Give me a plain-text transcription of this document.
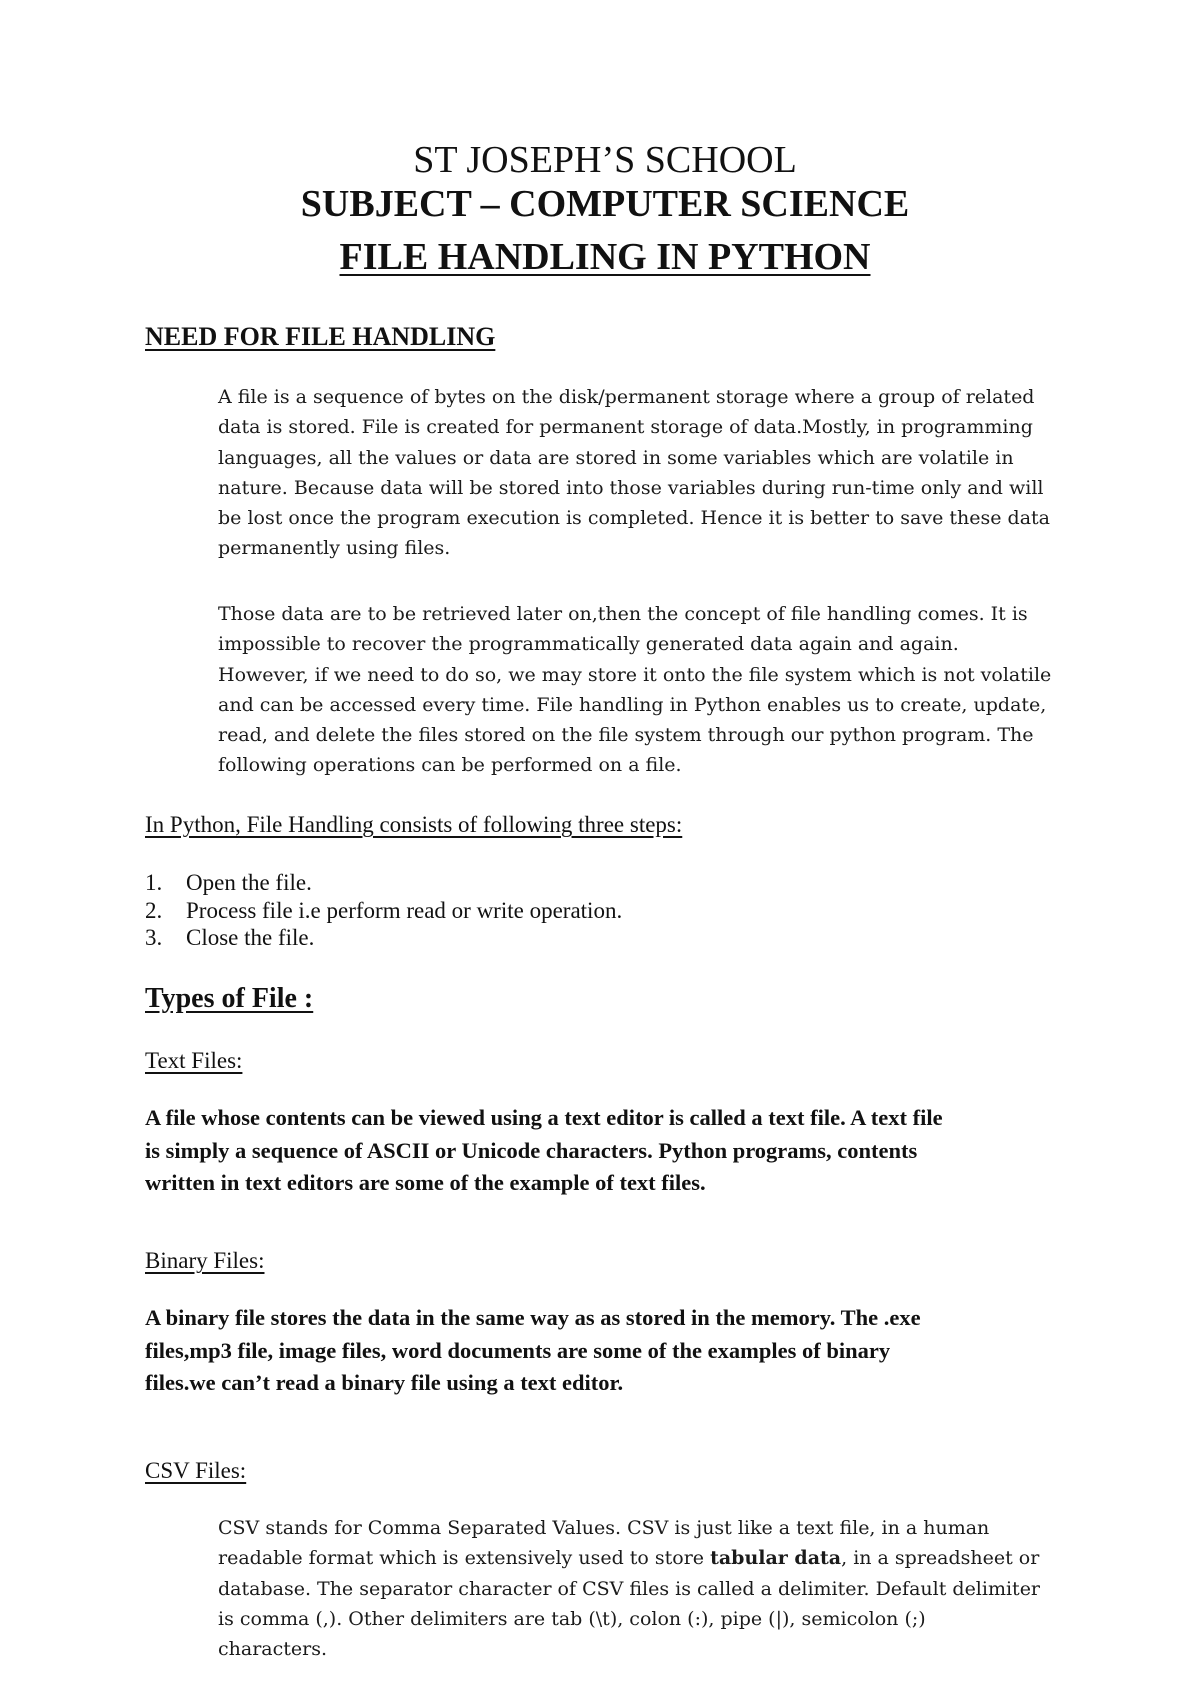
ST JOSEPH’S SCHOOL
SUBJECT – COMPUTER SCIENCE
FILE HANDLING IN PYTHON
NEED FOR FILE HANDLING

A file is a sequence of bytes on the disk/permanent storage where a group of related

data is stored. File is created for permanent storage of data.Mostly, in programming

languages, all the values or data are stored in some variables which are volatile in

nature. Because data will be stored into those variables during run-time only and will

be lost once the program execution is completed. Hence it is better to save these data

permanently using files.

Those data are to be retrieved later on,then the concept of file handling comes. It is

impossible to recover the programmatically generated data again and again.

However, if we need to do so, we may store it onto the file system which is not volatile

and can be accessed every time. File handling in Python enables us to create, update,

read, and delete the files stored on the file system through our python program. The

following operations can be performed on a file.

In Python, File Handling consists of following three steps:
1. Open the file.
2. Process file i.e perform read or write operation.
3. Close the file.
Types of File :
Text Files:

A file whose contents can be viewed using a text editor is called a text file. A text file

is simply a sequence of ASCII or Unicode characters. Python programs, contents

written in text editors are some of the example of text files.

Binary Files:

A binary file stores the data in the same way as as stored in the memory. The .exe

files,mp3 file, image files, word documents are some of the examples of binary

files.we can’t read a binary file using a text editor.

CSV Files:

CSV stands for Comma Separated Values. CSV is just like a text file, in a human

readable format which is extensively used to store tabular data, in a spreadsheet or

database. The separator character of CSV files is called a delimiter. Default delimiter

is comma (,). Other delimiters are tab (\t), colon (:), pipe (|), semicolon (;)

characters.
